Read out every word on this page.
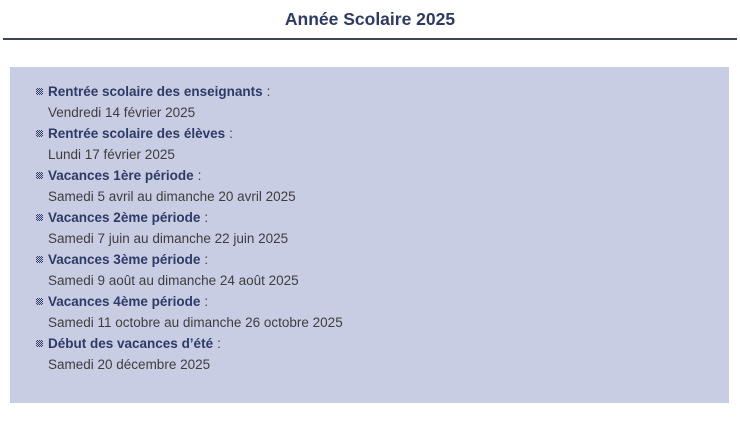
Année Scolaire 2025
Rentrée scolaire des enseignants :
Vendredi 14 février 2025
Rentrée scolaire des élèves :
Lundi 17 février 2025
Vacances 1ère période :
Samedi 5 avril au dimanche 20 avril 2025
Vacances 2ème période :
Samedi 7 juin au dimanche 22 juin 2025
Vacances 3ème période :
Samedi 9 août au dimanche 24 août 2025
Vacances 4ème période :
Samedi 11 octobre au dimanche 26 octobre 2025
Début des vacances d’été :
Samedi 20 décembre 2025
